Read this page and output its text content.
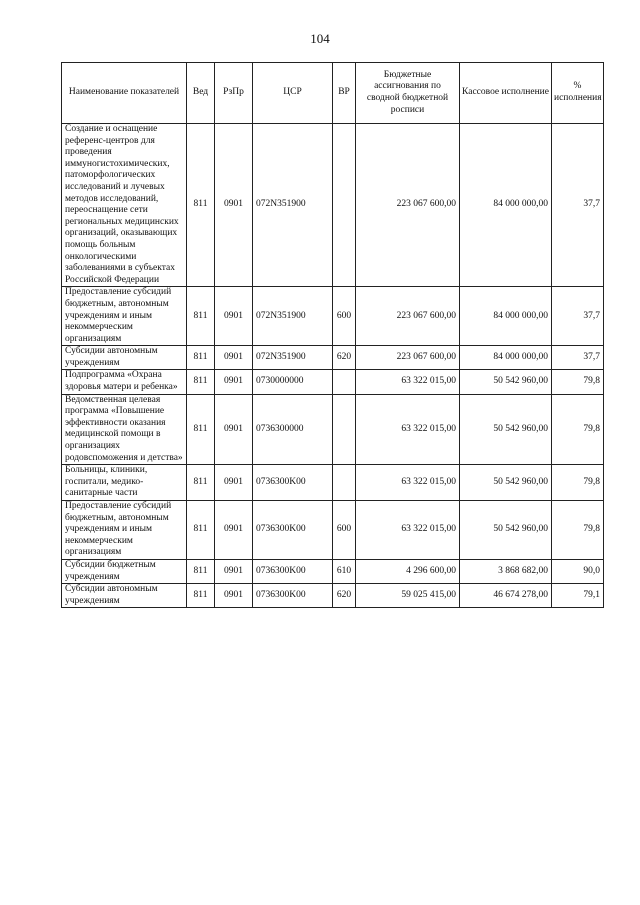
104
Наименование показателей	Вед	РзПр	ЦСР	ВР	Бюджетные ассигнования по сводной бюджетной росписи	Кассовое исполнение	% исполнения
Создание и оснащение референс-центров для проведения иммуногистохимических, патоморфологических исследований и лучевых методов исследований, переоснащение сети региональных медицинских организаций, оказывающих помощь больным онкологическими заболеваниями в субъектах Российской Федерации	811	0901	072N351900		223 067 600,00	84 000 000,00	37,7
Предоставление субсидий бюджетным, автономным учреждениям и иным некоммерческим организациям	811	0901	072N351900	600	223 067 600,00	84 000 000,00	37,7
Субсидии автономным учреждениям	811	0901	072N351900	620	223 067 600,00	84 000 000,00	37,7
Подпрограмма «Охрана здоровья матери и ребенка»	811	0901	0730000000		63 322 015,00	50 542 960,00	79,8
Ведомственная целевая программа «Повышение эффективности оказания медицинской помощи в организациях родовспоможения и детства»	811	0901	0736300000		63 322 015,00	50 542 960,00	79,8
Больницы, клиники, госпитали, медико-санитарные части	811	0901	0736300K00		63 322 015,00	50 542 960,00	79,8
Предоставление субсидий бюджетным, автономным учреждениям и иным некоммерческим организациям	811	0901	0736300K00	600	63 322 015,00	50 542 960,00	79,8
Субсидии бюджетным учреждениям	811	0901	0736300K00	610	4 296 600,00	3 868 682,00	90,0
Субсидии автономным учреждениям	811	0901	0736300K00	620	59 025 415,00	46 674 278,00	79,1
